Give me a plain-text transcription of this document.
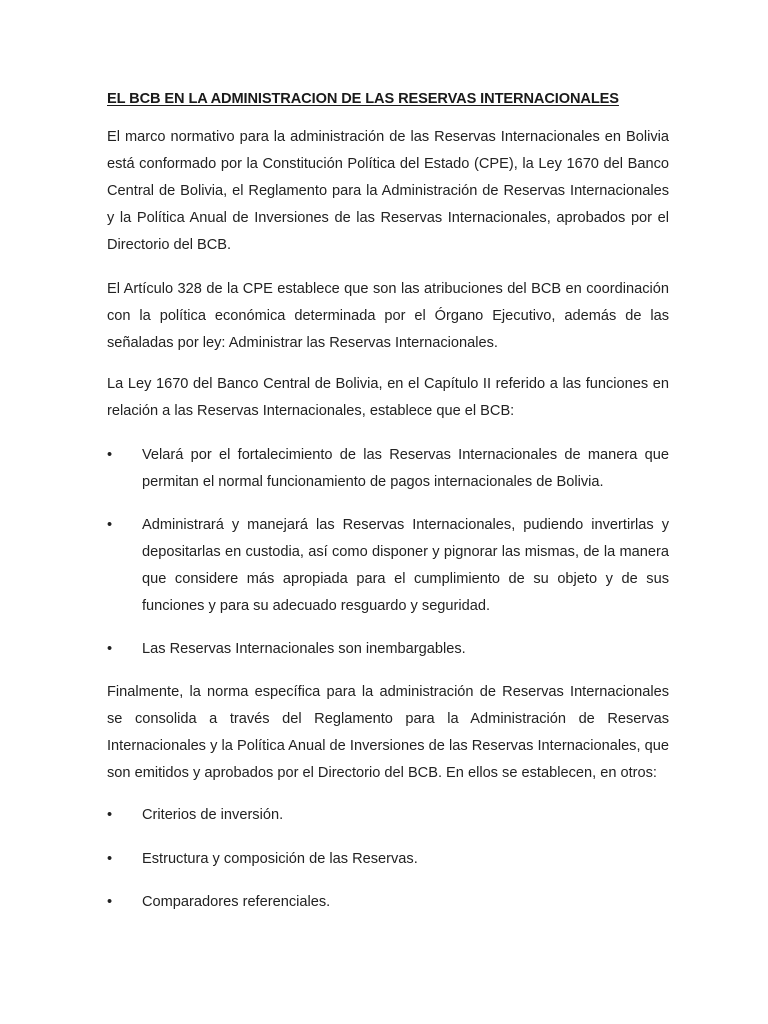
EL BCB EN LA ADMINISTRACION DE LAS RESERVAS INTERNACIONALES

El marco normativo para la administración de las Reservas Internacionales en Bolivia está conformado por la Constitución Política del Estado (CPE), la Ley 1670 del Banco Central de Bolivia, el Reglamento para la Administración de Reservas Internacionales y la Política Anual de Inversiones de las Reservas Internacionales, aprobados por el Directorio del BCB.

El Artículo 328 de la CPE establece que son las atribuciones del BCB en coordinación con la política económica determinada por el Órgano Ejecutivo, además de las señaladas por ley: Administrar las Reservas Internacionales.

La Ley 1670 del Banco Central de Bolivia, en el Capítulo II referido a las funciones en relación a las Reservas Internacionales, establece que el BCB:

•	Velará por el fortalecimiento de las Reservas Internacionales de manera que permitan el normal funcionamiento de pagos internacionales de Bolivia.
•	Administrará y manejará las Reservas Internacionales, pudiendo invertirlas y depositarlas en custodia, así como disponer y pignorar las mismas, de la manera que considere más apropiada para el cumplimiento de su objeto y de sus funciones y para su adecuado resguardo y seguridad.
•	Las Reservas Internacionales son inembargables.

Finalmente, la norma específica para la administración de Reservas Internacionales se consolida a través del Reglamento para la Administración de Reservas Internacionales y la Política Anual de Inversiones de las Reservas Internacionales, que son emitidos y aprobados por el Directorio del BCB. En ellos se establecen, en otros:

•	Criterios de inversión.
•	Estructura y composición de las Reservas.
•	Comparadores referenciales.
